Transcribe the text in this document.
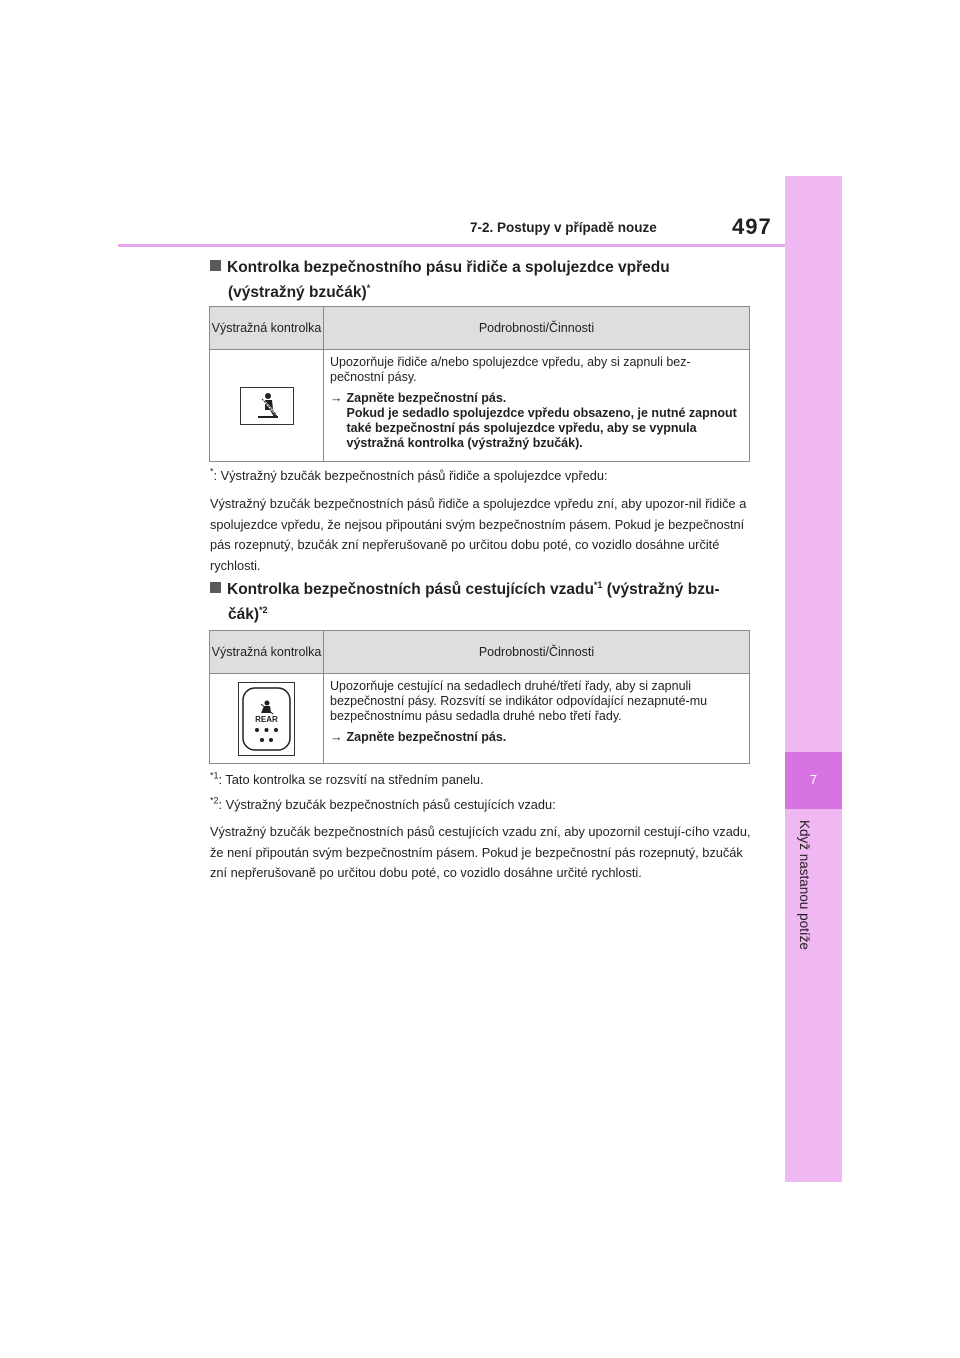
7
Když nastanou potíže
7-2. Postupy v případě nouze	497
Kontrolka bezpečnostního pásu řidiče a spolujezdce vpředu
(výstražný bzučák)*
Výstražná kontrolka	Podrobnosti/Činnosti

Upozorňuje řidiče a/nebo spolujezdce vpředu, aby si zapnuli bez-pečnostní pásy.

→ Zapněte bezpečnostní pás.
Pokud je sedadlo spolujezdce vpředu obsazeno, je nutné zapnout také bezpečnostní pás spolujezdce vpředu, aby se vypnula výstražná kontrolka (výstražný bzučák).
*: Výstražný bzučák bezpečnostních pásů řidiče a spolujezdce vpředu:
Výstražný bzučák bezpečnostních pásů řidiče a spolujezdce vpředu zní, aby upozor-nil řidiče a spolujezdce vpředu, že nejsou připoutáni svým bezpečnostním pásem. Pokud je bezpečnostní pás rozepnutý, bzučák zní nepřerušovaně po určitou dobu poté, co vozidlo dosáhne určité rychlosti.
Kontrolka bezpečnostních pásů cestujících vzadu$^{*1}$ (výstražný bzu-
čák)$^{*2}$
Výstražná kontrolka	Podrobnosti/Činnosti

REAR	Upozorňuje cestující na sedadlech druhé/třetí řady, aby si zapnuli bezpečnostní pásy. Rozsvítí se indikátor odpovídající nezapnuté-mu bezpečnostnímu pásu sedadla druhé nebo třetí řady.

→ Zapněte bezpečnostní pás.
$^{*1}$: Tato kontrolka se rozsvítí na středním panelu.
$^{*2}$: Výstražný bzučák bezpečnostních pásů cestujících vzadu:
Výstražný bzučák bezpečnostních pásů cestujících vzadu zní, aby upozornil cestují-cího vzadu, že není připoután svým bezpečnostním pásem. Pokud je bezpečnostní pás rozepnutý, bzučák zní nepřerušovaně po určitou dobu poté, co vozidlo dosáhne určité rychlosti.
